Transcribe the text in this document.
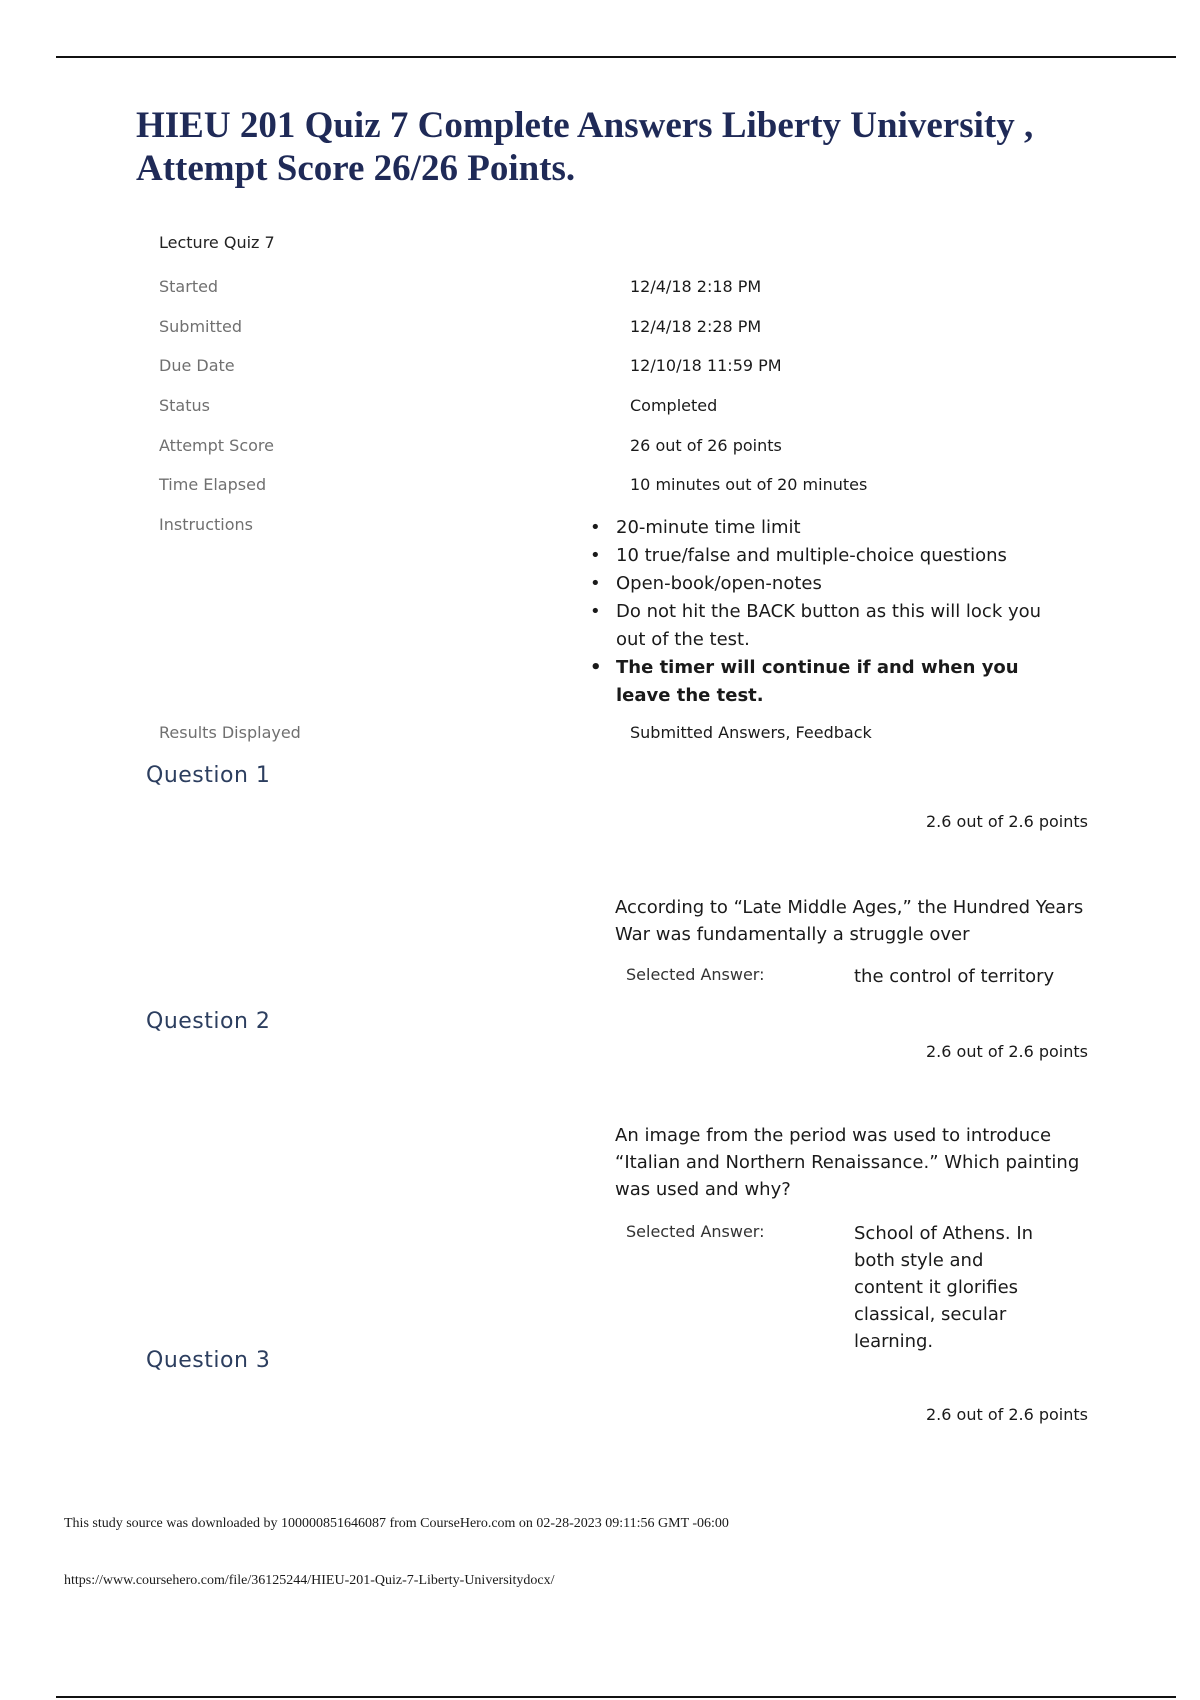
HIEU 201 Quiz 7 Complete Answers Liberty University , Attempt Score 26/26 Points.
Lecture Quiz 7
Started	12/4/18 2:18 PM
Submitted	12/4/18 2:28 PM
Due Date	12/10/18 11:59 PM
Status	Completed
Attempt Score	26 out of 26 points
Time Elapsed	10 minutes out of 20 minutes
Instructions
•	20-minute time limit
• 10 true/false and multiple-choice questions
• Open-book/open-notes
• Do not hit the BACK button as this will lock you out of the test.
• The timer will continue if and when you leave the test.
Results Displayed	Submitted Answers, Feedback
Question 1
2.6 out of 2.6 points
According to “Late Middle Ages,” the Hundred Years War was fundamentally a struggle over
Selected Answer:	the control of territory
Question 2
2.6 out of 2.6 points
An image from the period was used to introduce “Italian and Northern Renaissance.” Which painting was used and why?
Selected Answer:	School of Athens. In both style and content it glorifies classical, secular learning.
Question 3
2.6 out of 2.6 points
This study source was downloaded by 100000851646087 from CourseHero.com on 02-28-2023 09:11:56 GMT -06:00
https://www.coursehero.com/file/36125244/HIEU-201-Quiz-7-Liberty-Universitydocx/
